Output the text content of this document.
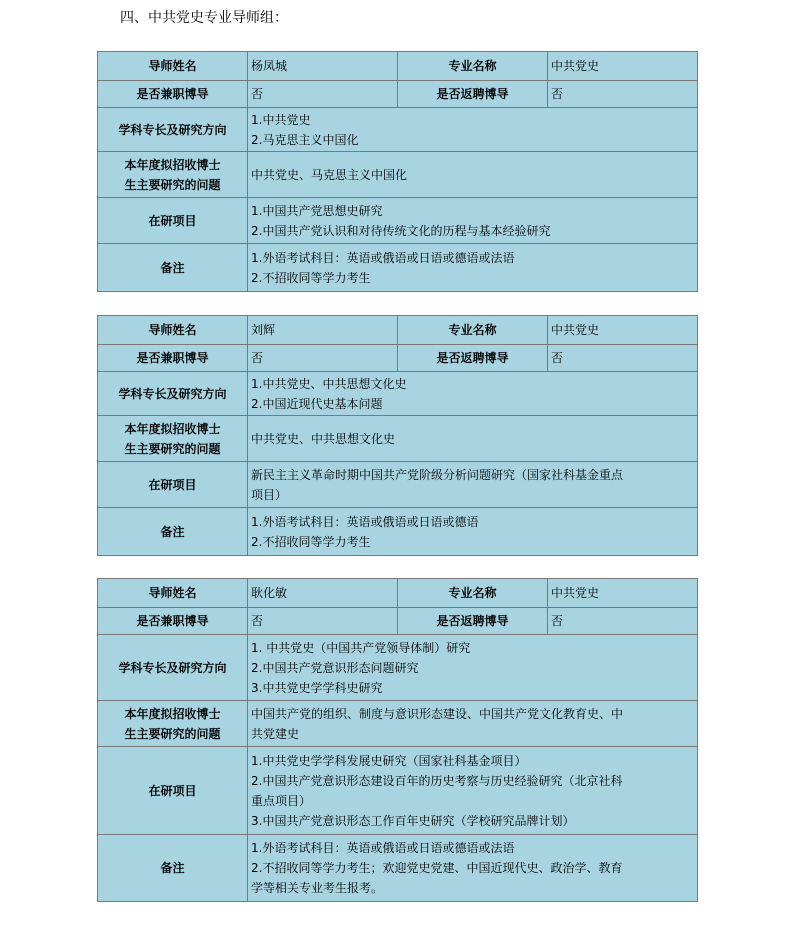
四、中共党史专业导师组：
导师姓名	杨凤城	专业名称	中共党史
是否兼职博导	否	是否返聘博导	否
学科专长及研究方向	1.中共党史
2.马克思主义中国化		

本年度拟招收博士
生主要研究的问题	中共党史、马克思主义中国化		

在研项目	1.中国共产党思想史研究
2.中国共产党认识和对待传统文化的历程与基本经验研究		

备注	1.外语考试科目：英语或俄语或日语或德语或法语
2.不招收同等学力考生		
导师姓名	刘辉	专业名称	中共党史
是否兼职博导	否	是否返聘博导	否
学科专长及研究方向	1.中共党史、中共思想文化史
2.中国近现代史基本问题		

本年度拟招收博士
生主要研究的问题	中共党史、中共思想文化史		

在研项目	新民主主义革命时期中国共产党阶级分析问题研究（国家社科基金重点
项目）		

备注	1.外语考试科目：英语或俄语或日语或德语
2.不招收同等学力考生		
导师姓名	耿化敏	专业名称	中共党史
是否兼职博导	否	是否返聘博导	否
学科专长及研究方向	1. 中共党史（中国共产党领导体制）研究
2.中国共产党意识形态问题研究
3.中共党史学学科史研究		

本年度拟招收博士
生主要研究的问题	中国共产党的组织、制度与意识形态建设、中国共产党文化教育史、中
共党建史		

在研项目	1.中共党史学学科发展史研究（国家社科基金项目）
2.中国共产党意识形态建设百年的历史考察与历史经验研究（北京社科
重点项目）
3.中国共产党意识形态工作百年史研究（学校研究品牌计划）		

备注	1.外语考试科目：英语或俄语或日语或德语或法语
2.不招收同等学力考生；欢迎党史党建、中国近现代史、政治学、教育
学等相关专业考生报考。		
